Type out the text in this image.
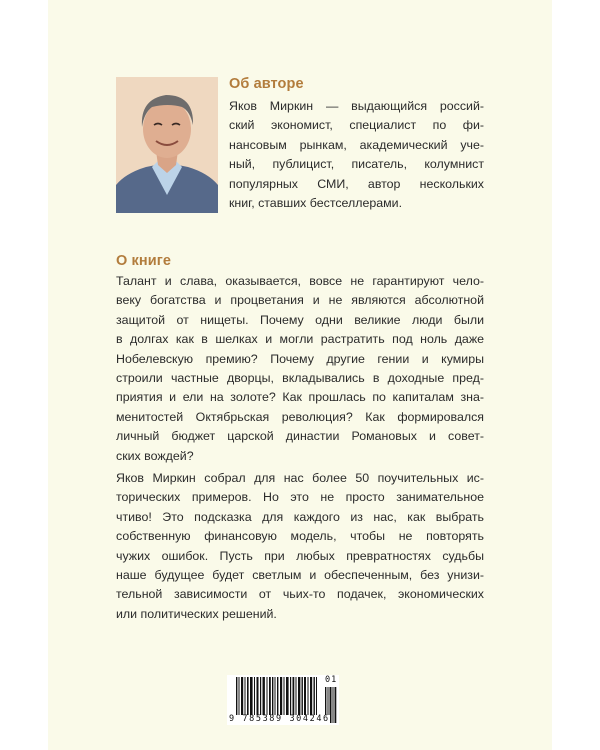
Об авторе

Яков Миркин — выдающийся россий-
ский экономист, специалист по фи-
нансовым рынкам, академический уче-
ный, публицист, писатель, колумнист
популярных СМИ, автор нескольких
книг, ставших бестселлерами.

О книге

Талант и слава, оказывается, вовсе не гарантируют чело-
веку богатства и процветания и не являются абсолютной
защитой от нищеты. Почему одни великие люди были
в долгах как в шелках и могли растратить под ноль даже
Нобелевскую премию? Почему другие гении и кумиры
строили частные дворцы, вкладывались в доходные пред-
приятия и ели на золоте? Как прошлась по капиталам зна-
менитостей Октябрьская революция? Как формировался
личный бюджет царской династии Романовых и совет-
ских вождей?

Яков Миркин собрал для нас более 50 поучительных ис-
торических примеров. Но это не просто занимательное
чтиво! Это подсказка для каждого из нас, как выбрать
собственную финансовую модель, чтобы не повторять
чужих ошибок. Пусть при любых превратностях судьбы
наше будущее будет светлым и обеспеченным, без унизи-
тельной зависимости от чьих-то подачек, экономических
или политических решений.

9 785389 304246
01
